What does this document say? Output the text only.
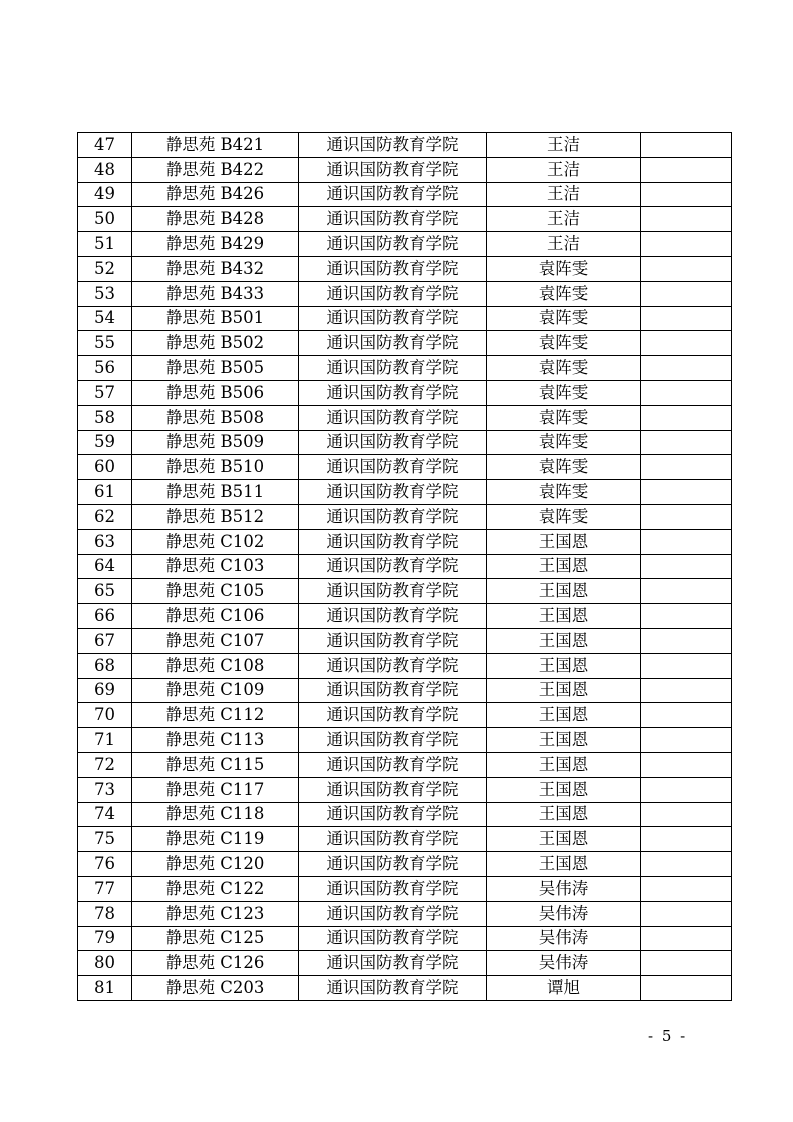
47	静思苑 B421	通识国防教育学院	王洁	
48	静思苑 B422	通识国防教育学院	王洁	
49	静思苑 B426	通识国防教育学院	王洁	
50	静思苑 B428	通识国防教育学院	王洁	
51	静思苑 B429	通识国防教育学院	王洁	
52	静思苑 B432	通识国防教育学院	袁阵雯	
53	静思苑 B433	通识国防教育学院	袁阵雯	
54	静思苑 B501	通识国防教育学院	袁阵雯	
55	静思苑 B502	通识国防教育学院	袁阵雯	
56	静思苑 B505	通识国防教育学院	袁阵雯	
57	静思苑 B506	通识国防教育学院	袁阵雯	
58	静思苑 B508	通识国防教育学院	袁阵雯	
59	静思苑 B509	通识国防教育学院	袁阵雯	
60	静思苑 B510	通识国防教育学院	袁阵雯	
61	静思苑 B511	通识国防教育学院	袁阵雯	
62	静思苑 B512	通识国防教育学院	袁阵雯	
63	静思苑 C102	通识国防教育学院	王国恩	
64	静思苑 C103	通识国防教育学院	王国恩	
65	静思苑 C105	通识国防教育学院	王国恩	
66	静思苑 C106	通识国防教育学院	王国恩	
67	静思苑 C107	通识国防教育学院	王国恩	
68	静思苑 C108	通识国防教育学院	王国恩	
69	静思苑 C109	通识国防教育学院	王国恩	
70	静思苑 C112	通识国防教育学院	王国恩	
71	静思苑 C113	通识国防教育学院	王国恩	
72	静思苑 C115	通识国防教育学院	王国恩	
73	静思苑 C117	通识国防教育学院	王国恩	
74	静思苑 C118	通识国防教育学院	王国恩	
75	静思苑 C119	通识国防教育学院	王国恩	
76	静思苑 C120	通识国防教育学院	王国恩	
77	静思苑 C122	通识国防教育学院	吴伟涛	
78	静思苑 C123	通识国防教育学院	吴伟涛	
79	静思苑 C125	通识国防教育学院	吴伟涛	
80	静思苑 C126	通识国防教育学院	吴伟涛	
81	静思苑 C203	通识国防教育学院	谭旭	
- 5 -
